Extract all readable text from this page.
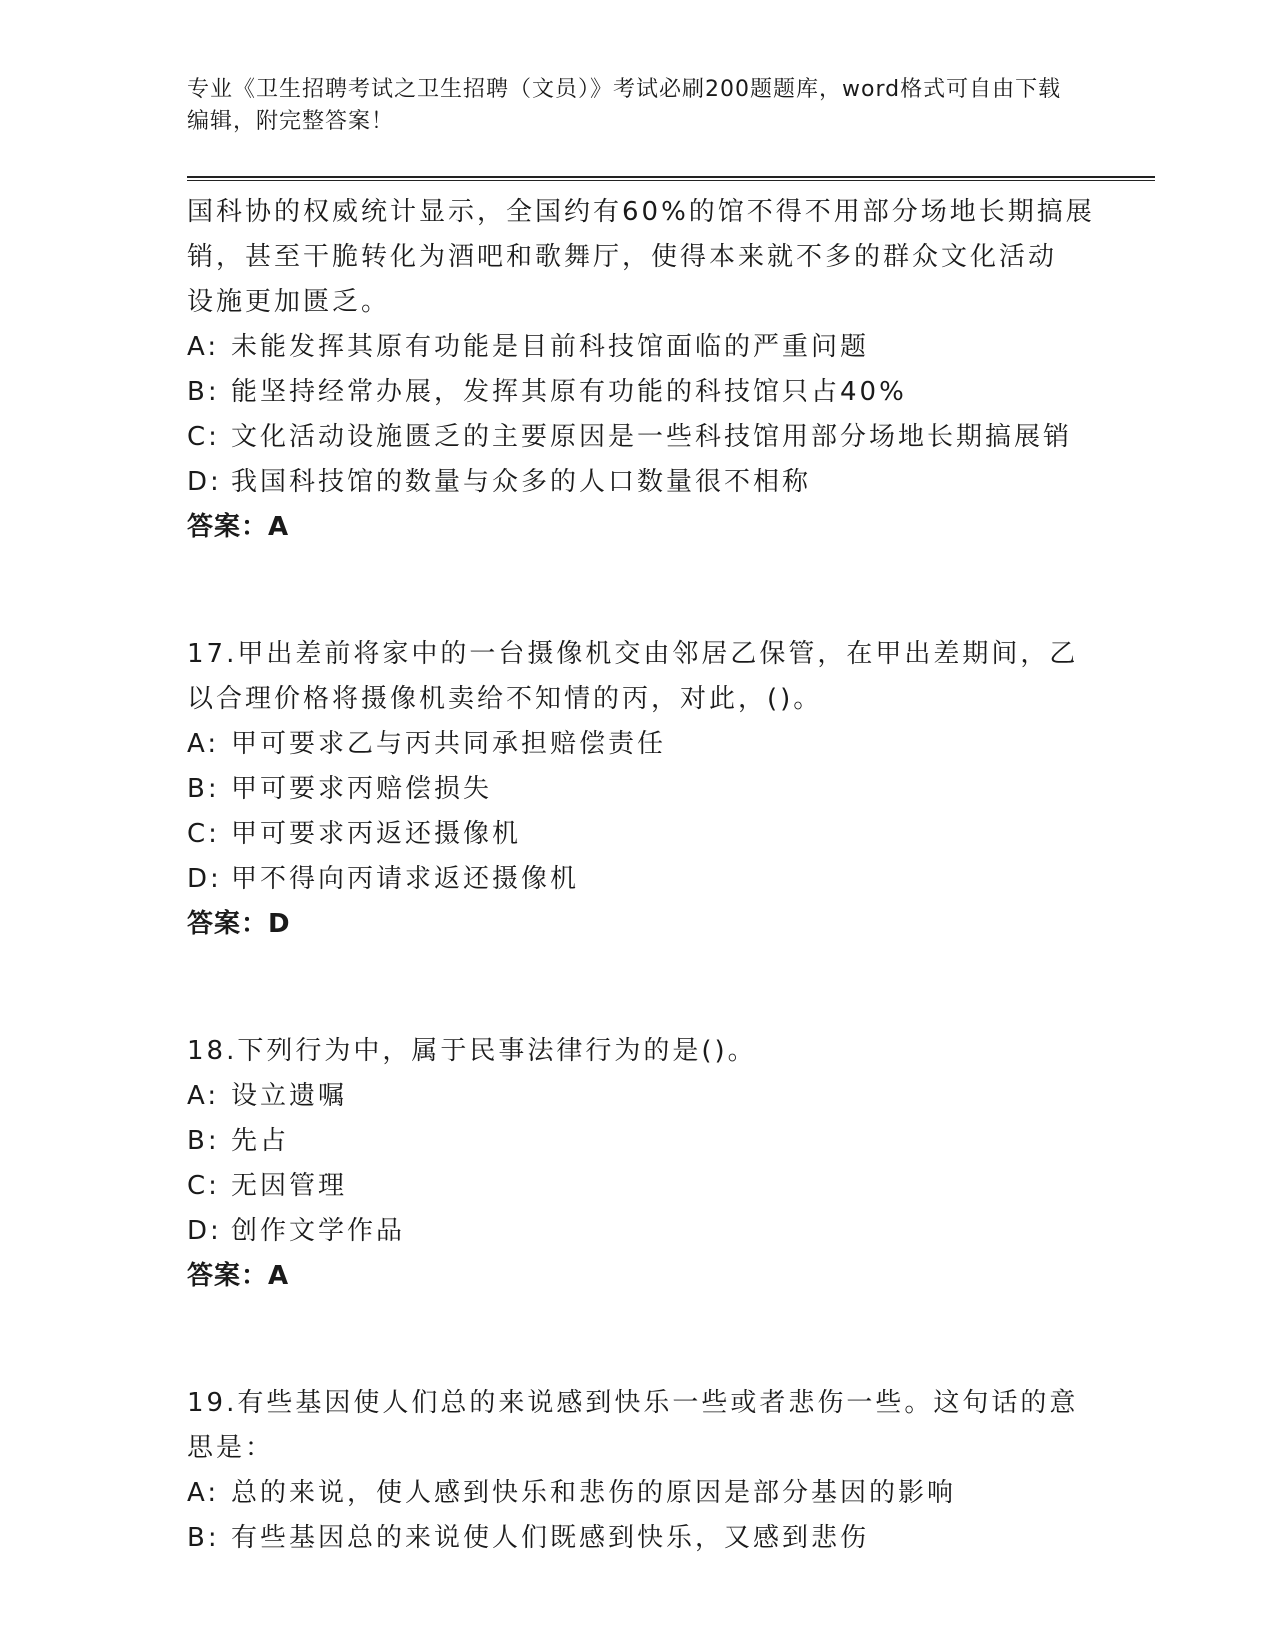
专业《卫生招聘考试之卫生招聘（文员）》考试必刷200题题库，word格式可自由下载编辑，附完整答案！
国科协的权威统计显示，全国约有60%的馆不得不用部分场地长期搞展
销，甚至干脆转化为酒吧和歌舞厅，使得本来就不多的群众文化活动
设施更加匮乏。
A: 未能发挥其原有功能是目前科技馆面临的严重问题
B: 能坚持经常办展，发挥其原有功能的科技馆只占40%
C: 文化活动设施匮乏的主要原因是一些科技馆用部分场地长期搞展销
D: 我国科技馆的数量与众多的人口数量很不相称
答案：A
17.甲出差前将家中的一台摄像机交由邻居乙保管，在甲出差期间，乙
以合理价格将摄像机卖给不知情的丙，对此，()。
A: 甲可要求乙与丙共同承担赔偿责任
B: 甲可要求丙赔偿损失
C: 甲可要求丙返还摄像机
D: 甲不得向丙请求返还摄像机
答案：D
18.下列行为中，属于民事法律行为的是()。
A: 设立遗嘱
B: 先占
C: 无因管理
D: 创作文学作品
答案：A
19.有些基因使人们总的来说感到快乐一些或者悲伤一些。这句话的意
思是：
A: 总的来说，使人感到快乐和悲伤的原因是部分基因的影响
B: 有些基因总的来说使人们既感到快乐，又感到悲伤
